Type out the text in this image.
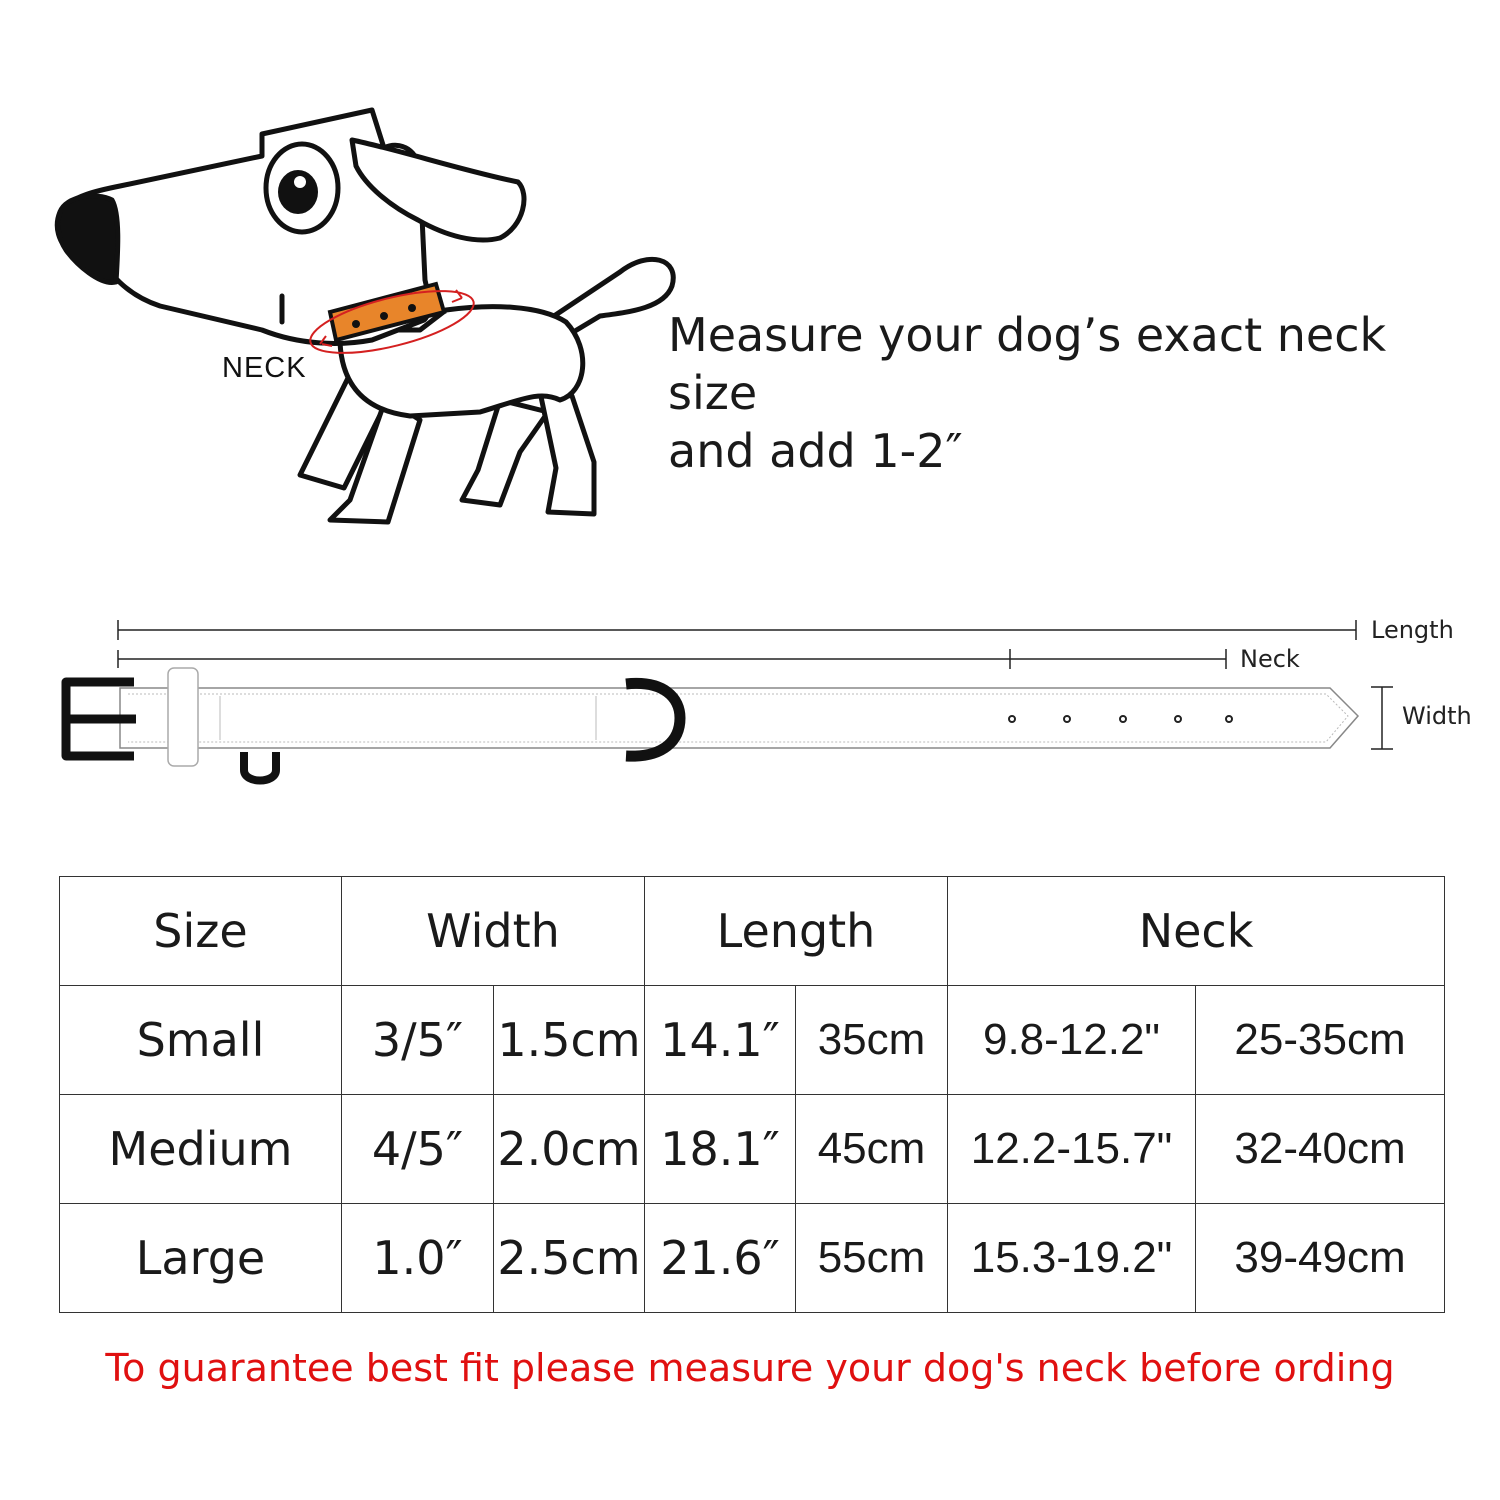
NECK
Measure your dog’s exact neck size
and add 1-2″
Length
Neck
Width
Size	Width		Length		Neck	
Small	3/5″	1.5cm	14.1″	35cm	9.8-12.2"	25-35cm
Medium	4/5″	2.0cm	18.1″	45cm	12.2-15.7"	32-40cm
Large	1.0″	2.5cm	21.6″	55cm	15.3-19.2"	39-49cm
To guarantee best fit please measure your dog's neck before ording
